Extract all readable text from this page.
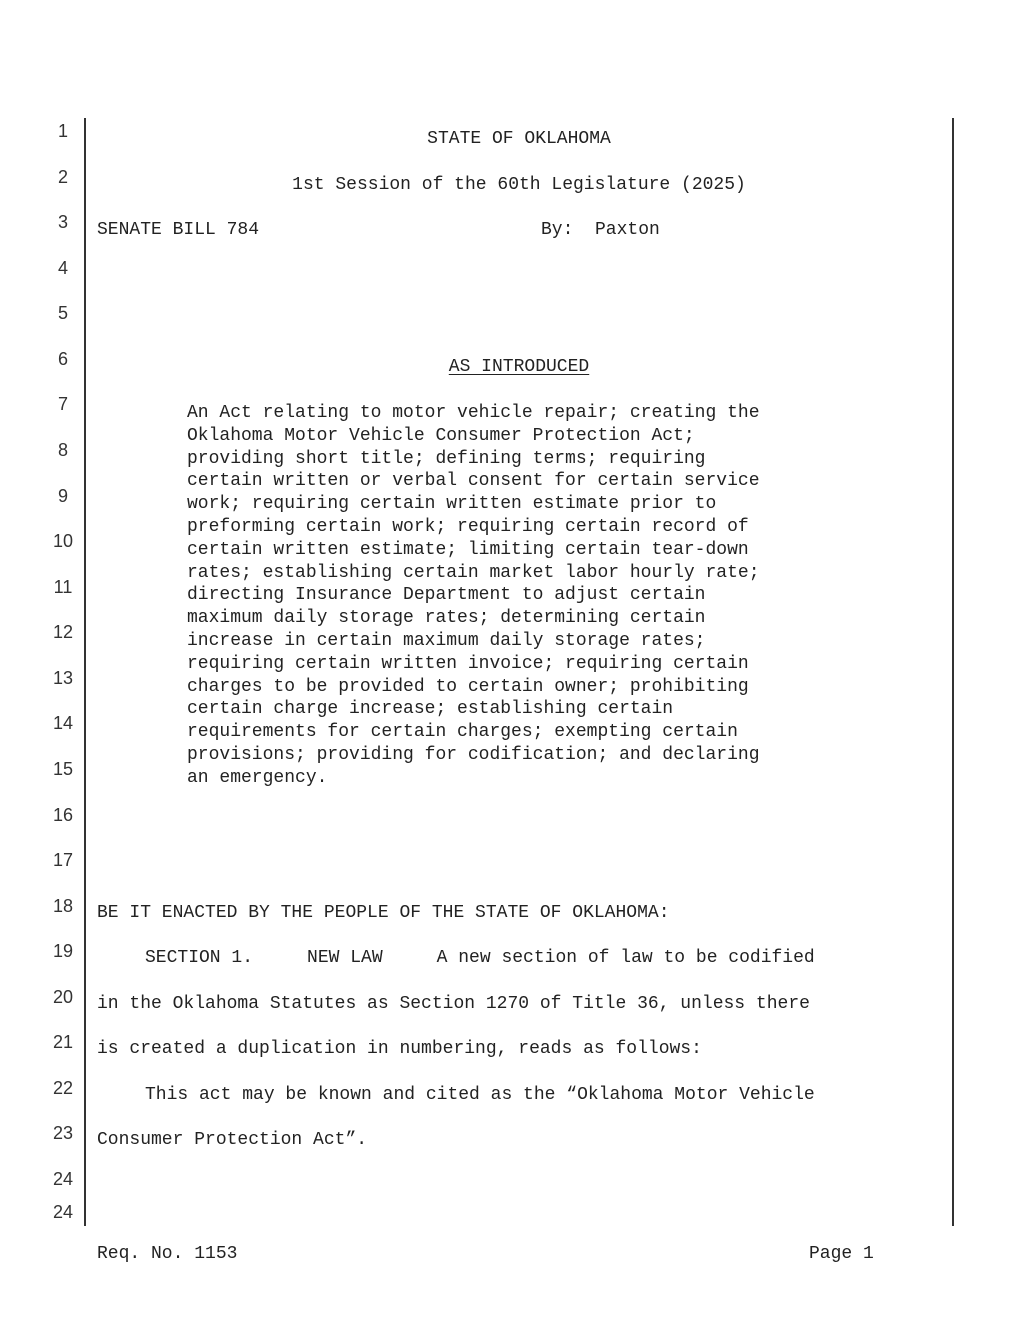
1
2
3
4
5
6
7
8
9
10
11
12
13
14
15
16
17
18
19
20
21
22
23
24
24
STATE OF OKLAHOMA
1st Session of the 60th Legislature (2025)
SENATE BILL 784	By:  Paxton
AS INTRODUCED
An Act relating to motor vehicle repair; creating the
Oklahoma Motor Vehicle Consumer Protection Act;
providing short title; defining terms; requiring
certain written or verbal consent for certain service
work; requiring certain written estimate prior to
preforming certain work; requiring certain record of
certain written estimate; limiting certain tear-down
rates; establishing certain market labor hourly rate;
directing Insurance Department to adjust certain
maximum daily storage rates; determining certain
increase in certain maximum daily storage rates;
requiring certain written invoice; requiring certain
charges to be provided to certain owner; prohibiting
certain charge increase; establishing certain
requirements for certain charges; exempting certain
provisions; providing for codification; and declaring
an emergency.
BE IT ENACTED BY THE PEOPLE OF THE STATE OF OKLAHOMA:
SECTION 1.     NEW LAW     A new section of law to be codified
in the Oklahoma Statutes as Section 1270 of Title 36, unless there
is created a duplication in numbering, reads as follows:
This act may be known and cited as the “Oklahoma Motor Vehicle
Consumer Protection Act”.
Req. No. 1153	Page 1
